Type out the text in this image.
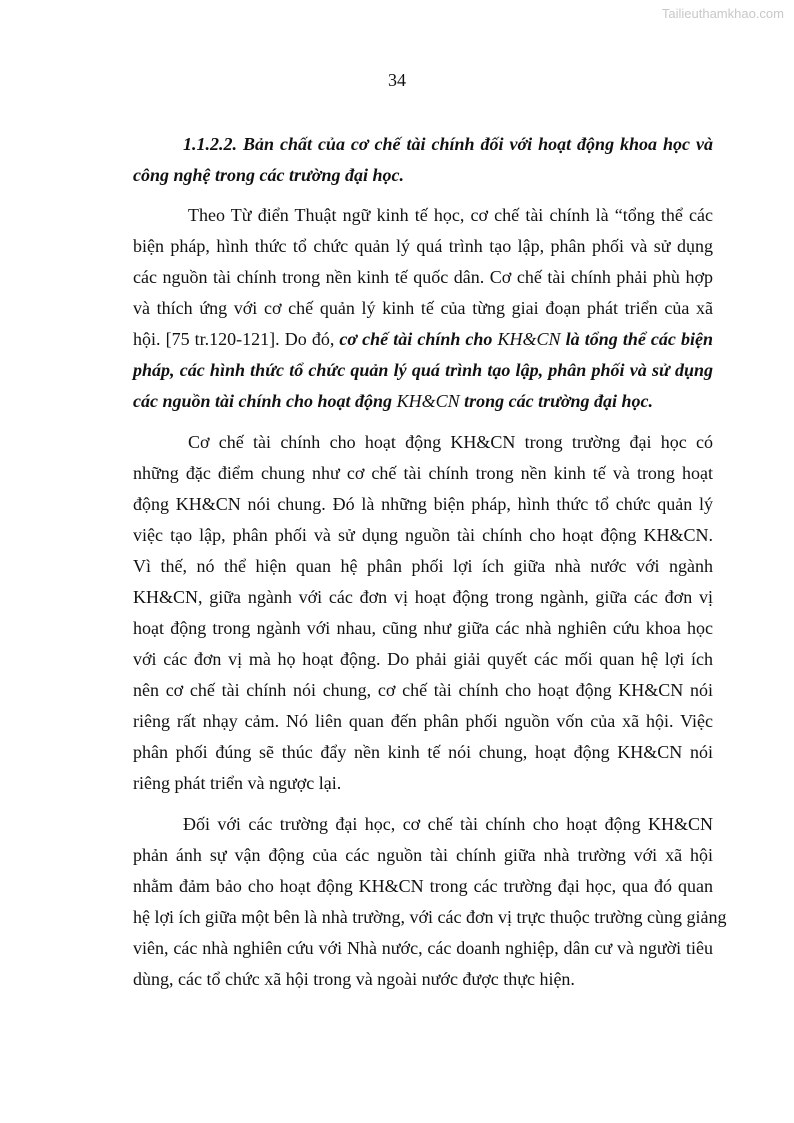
Tailieuthamkhao.com
34
1.1.2.2. Bản chất của cơ chế tài chính đối với hoạt động khoa học và
công nghệ trong các trường đại học.
Theo Từ điển Thuật ngữ kinh tế học, cơ chế tài chính là “tổng thể các
biện pháp, hình thức tổ chức quản lý quá trình tạo lập, phân phối và sử dụng
các nguồn tài chính trong nền kinh tế quốc dân. Cơ chế tài chính phải phù hợp
và thích ứng với cơ chế quản lý kinh tế của từng giai đoạn phát triển của xã
hội. [75 tr.120-121]. Do đó, cơ chế tài chính cho KH&CN là tổng thể các biện
pháp, các hình thức tổ chức quản lý quá trình tạo lập, phân phối và sử dụng
các nguồn tài chính cho hoạt động KH&CN trong các trường đại học.
Cơ chế tài chính cho hoạt động KH&CN trong trường đại học có
những đặc điểm chung như cơ chế tài chính trong nền kinh tế và trong hoạt
động KH&CN nói chung. Đó là những biện pháp, hình thức tổ chức quản lý
việc tạo lập, phân phối và sử dụng nguồn tài chính cho hoạt động KH&CN.
Vì thế, nó thể hiện quan hệ phân phối lợi ích giữa nhà nước với ngành
KH&CN, giữa ngành với các đơn vị hoạt động trong ngành, giữa các đơn vị
hoạt động trong ngành với nhau, cũng như giữa các nhà nghiên cứu khoa học
với các đơn vị mà họ hoạt động. Do phải giải quyết các mối quan hệ lợi ích
nên cơ chế tài chính nói chung, cơ chế tài chính cho hoạt động KH&CN nói
riêng rất nhạy cảm. Nó liên quan đến phân phối nguồn vốn của xã hội. Việc
phân phối đúng sẽ thúc đẩy nền kinh tế nói chung, hoạt động KH&CN nói
riêng phát triển và ngược lại.
Đối với các trường đại học, cơ chế tài chính cho hoạt động KH&CN
phản ánh sự vận động của các nguồn tài chính giữa nhà trường với xã hội
nhằm đảm bảo cho hoạt động KH&CN trong các trường đại học, qua đó quan
hệ lợi ích giữa một bên là nhà trường, với các đơn vị trực thuộc trường cùng giảng
viên, các nhà nghiên cứu với Nhà nước, các doanh nghiệp, dân cư và người tiêu
dùng, các tổ chức xã hội trong và ngoài nước được thực hiện.
